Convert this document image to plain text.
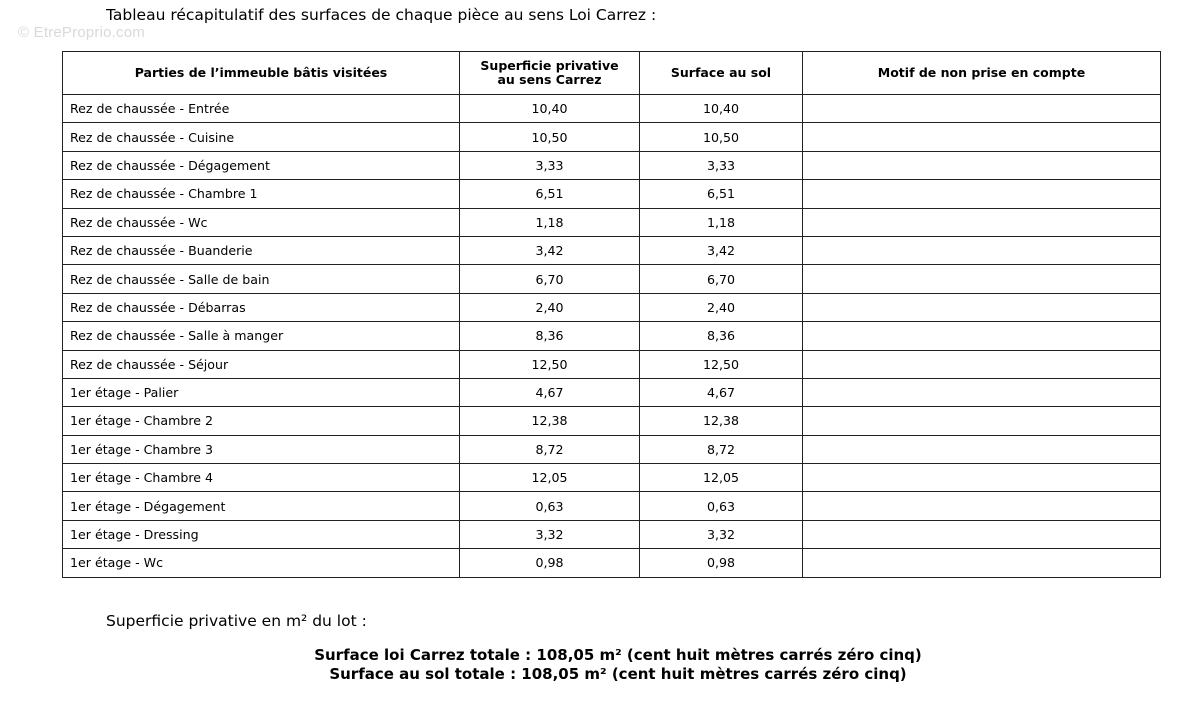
© EtreProprio.com
Tableau récapitulatif des surfaces de chaque pièce au sens Loi Carrez :
Parties de l’immeuble bâtis visitées	Superficie privative au sens Carrez	Surface au sol	Motif de non prise en compte
Rez de chaussée - Entrée	10,40	10,40	
Rez de chaussée - Cuisine	10,50	10,50	
Rez de chaussée - Dégagement	3,33	3,33	
Rez de chaussée - Chambre 1	6,51	6,51	
Rez de chaussée - Wc	1,18	1,18	
Rez de chaussée - Buanderie	3,42	3,42	
Rez de chaussée - Salle de bain	6,70	6,70	
Rez de chaussée - Débarras	2,40	2,40	
Rez de chaussée - Salle à manger	8,36	8,36	
Rez de chaussée - Séjour	12,50	12,50	
1er étage - Palier	4,67	4,67	
1er étage - Chambre 2	12,38	12,38	
1er étage - Chambre 3	8,72	8,72	
1er étage - Chambre 4	12,05	12,05	
1er étage - Dégagement	0,63	0,63	
1er étage - Dressing	3,32	3,32	
1er étage - Wc	0,98	0,98	
Superficie privative en m² du lot :
Surface loi Carrez totale : 108,05 m² (cent huit mètres carrés zéro cinq)
Surface au sol totale : 108,05 m² (cent huit mètres carrés zéro cinq)
